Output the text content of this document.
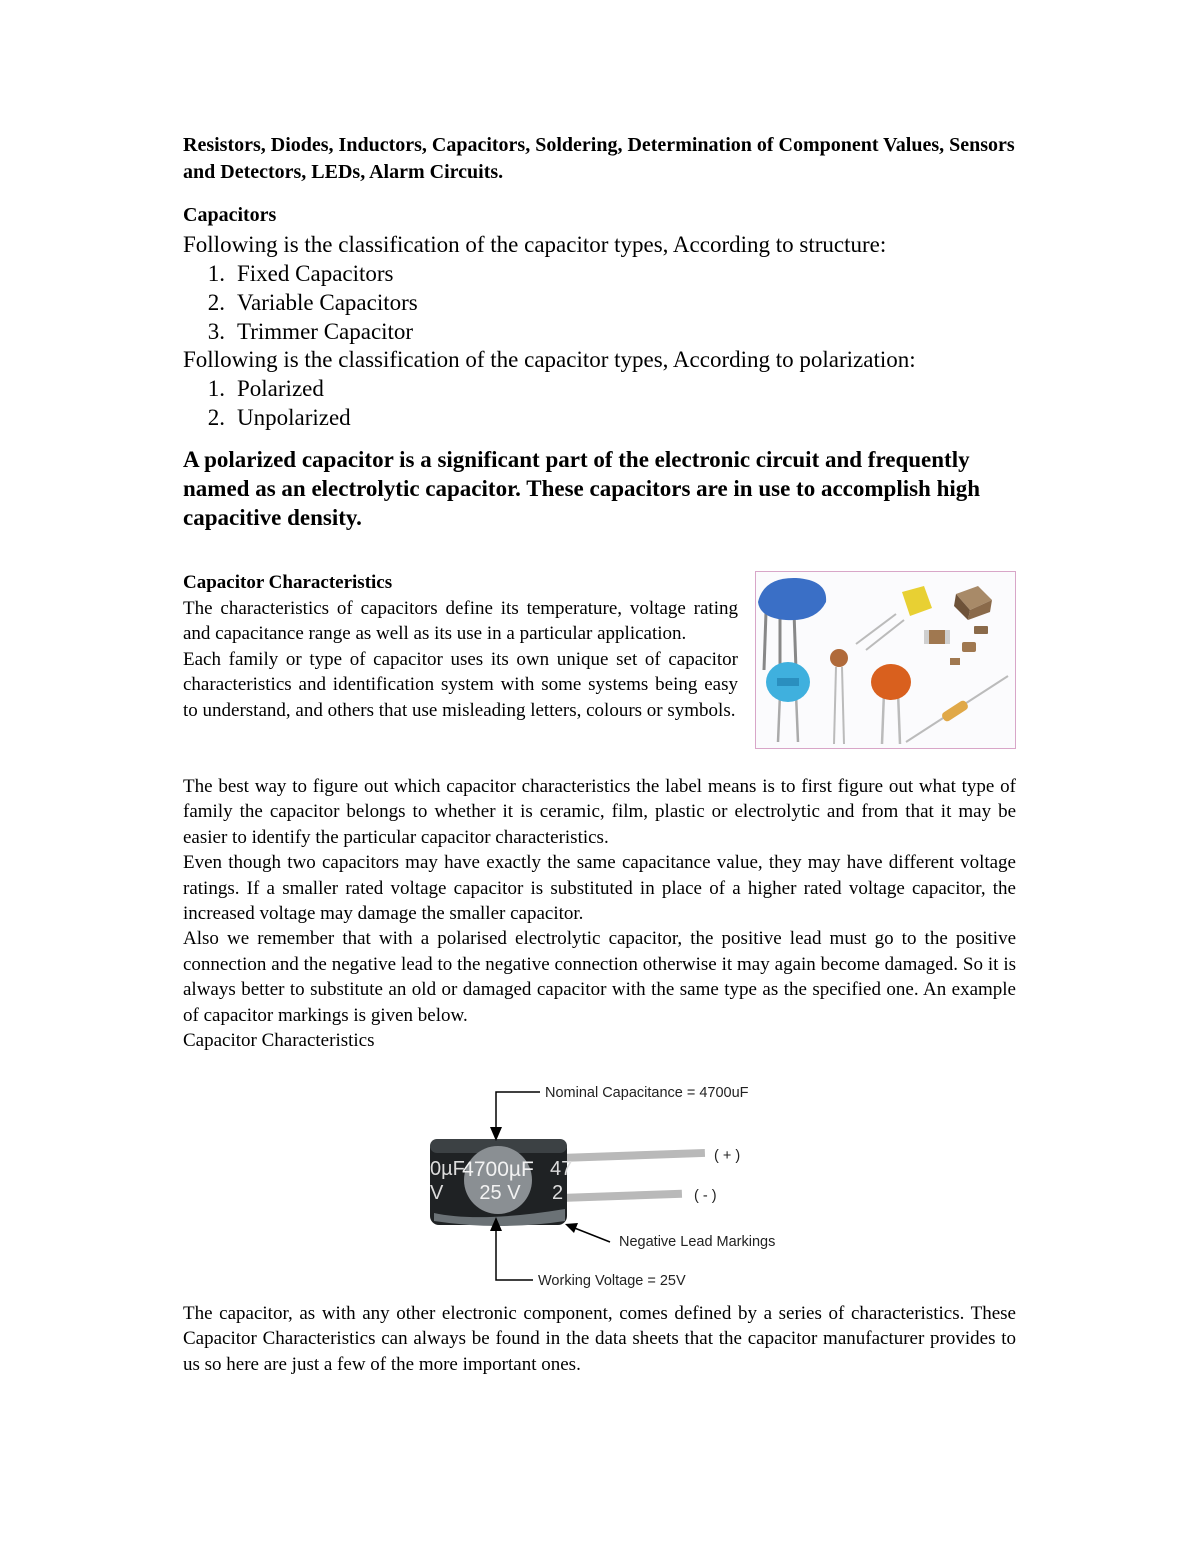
Resistors, Diodes, Inductors, Capacitors, Soldering, Determination of Component Values, Sensors and Detectors, LEDs, Alarm Circuits.
Capacitors
Following is the classification of the capacitor types, According to structure:
1. Fixed Capacitors
2. Variable Capacitors
3. Trimmer Capacitor
Following is the classification of the capacitor types, According to polarization:
1. Polarized
2. Unpolarized
A polarized capacitor is a significant part of the electronic circuit and frequently named as an electrolytic capacitor. These capacitors are in use to accomplish high capacitive density.
Capacitor Characteristics
The characteristics of capacitors define its temperature, voltage rating and capacitance range as well as its use in a particular application.
Each family or type of capacitor uses its own unique set of capacitor characteristics and identification system with some systems being easy to understand, and others that use misleading letters, colours or symbols.
The best way to figure out which capacitor characteristics the label means is to first figure out what type of family the capacitor belongs to whether it is ceramic, film, plastic or electrolytic and from that it may be easier to identify the particular capacitor characteristics.
Even though two capacitors may have exactly the same capacitance value, they may have different voltage ratings. If a smaller rated voltage capacitor is substituted in place of a higher rated voltage capacitor, the increased voltage may damage the smaller capacitor.
Also we remember that with a polarised electrolytic capacitor, the positive lead must go to the positive connection and the negative lead to the negative connection otherwise it may again become damaged. So it is always better to substitute an old or damaged capacitor with the same type as the specified one. An example of capacitor markings is given below.
Capacitor Characteristics
4700µF
25 V
0µF
V
47
2
Nominal Capacitance = 4700uF
Working Voltage = 25V
( + )
( - )
Negative Lead Markings
The capacitor, as with any other electronic component, comes defined by a series of characteristics. These Capacitor Characteristics can always be found in the data sheets that the capacitor manufacturer provides to us so here are just a few of the more important ones.
